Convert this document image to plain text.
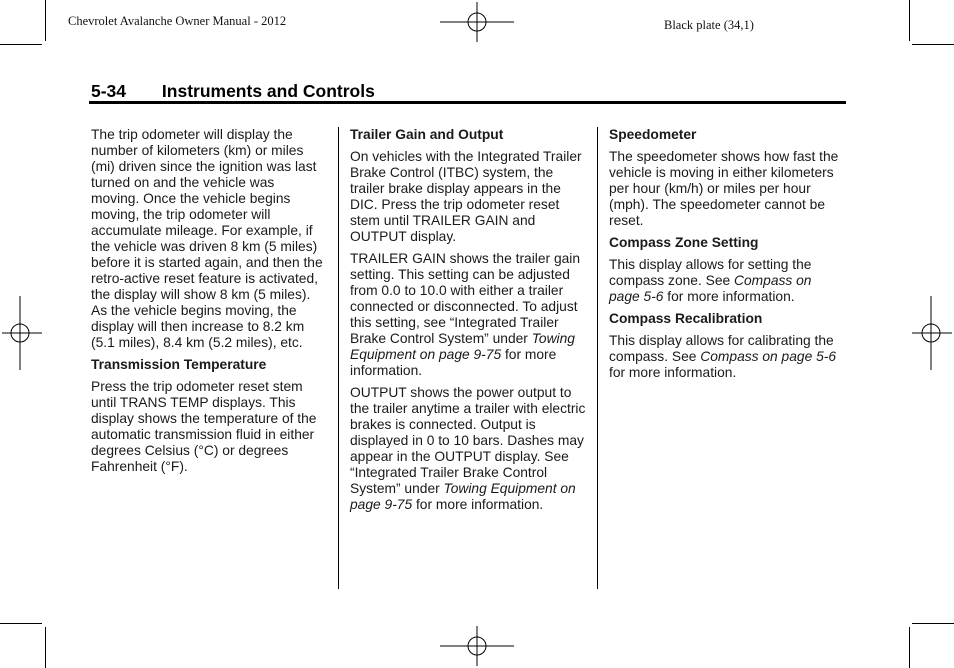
Chevrolet Avalanche Owner Manual - 2012	Black plate (34,1)
5-34 Instruments and Controls

The trip odometer will display the number of kilometers (km) or miles (mi) driven since the ignition was last turned on and the vehicle was moving. Once the vehicle begins moving, the trip odometer will accumulate mileage. For example, if the vehicle was driven 8 km (5 miles) before it is started again, and then the retro-active reset feature is activated, the display will show 8 km (5 miles). As the vehicle begins moving, the display will then increase to 8.2 km (5.1 miles), 8.4 km (5.2 miles), etc.

Transmission Temperature

Press the trip odometer reset stem until TRANS TEMP displays. This display shows the temperature of the automatic transmission fluid in either degrees Celsius (°C) or degrees Fahrenheit (°F).

Trailer Gain and Output

On vehicles with the Integrated Trailer Brake Control (ITBC) system, the trailer brake display appears in the DIC. Press the trip odometer reset stem until TRAILER GAIN and OUTPUT display.

TRAILER GAIN shows the trailer gain setting. This setting can be adjusted from 0.0 to 10.0 with either a trailer connected or disconnected. To adjust this setting, see “Integrated Trailer Brake Control System” under Towing Equipment on page 9-75 for more information.

OUTPUT shows the power output to the trailer anytime a trailer with electric brakes is connected. Output is displayed in 0 to 10 bars. Dashes may appear in the OUTPUT display. See “Integrated Trailer Brake Control System” under Towing Equipment on page 9-75 for more information.

Speedometer

The speedometer shows how fast the vehicle is moving in either kilometers per hour (km/h) or miles per hour (mph). The speedometer cannot be reset.

Compass Zone Setting

This display allows for setting the compass zone. See Compass on page 5-6 for more information.

Compass Recalibration

This display allows for calibrating the compass. See Compass on page 5-6 for more information.
